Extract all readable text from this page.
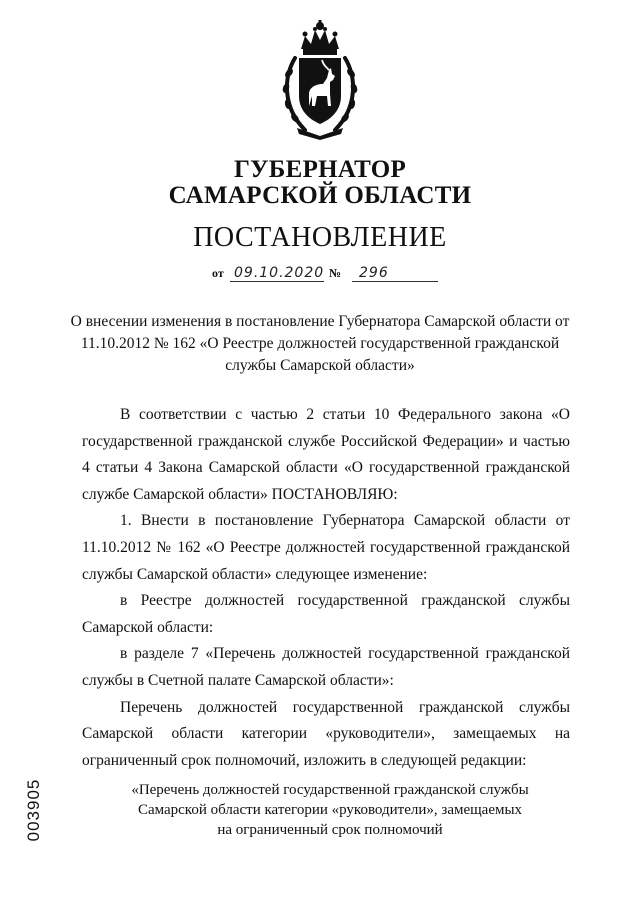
ГУБЕРНАТОР
САМАРСКОЙ ОБЛАСТИ
ПОСТАНОВЛЕНИЕ
от 09.10.2020 № 296
О внесении изменения в постановление Губернатора Самарской области от 11.10.2012 № 162 «О Реестре должностей государственной гражданской службы Самарской области»

В соответствии с частью 2 статьи 10 Федерального закона «О государственной гражданской службе Российской Федерации» и частью 4 статьи 4 Закона Самарской области «О государственной гражданской службе Самарской области» ПОСТАНОВЛЯЮ:

1. Внести в постановление Губернатора Самарской области от 11.10.2012 № 162 «О Реестре должностей государственной гражданской службы Самарской области» следующее изменение:

в Реестре должностей государственной гражданской службы Самарской области:

в разделе 7 «Перечень должностей государственной гражданской службы в Счетной палате Самарской области»:

Перечень должностей государственной гражданской службы Самарской области категории «руководители», замещаемых на ограниченный срок полномочий, изложить в следующей редакции:

«Перечень должностей государственной гражданской службы
Самарской области категории «руководители», замещаемых
на ограниченный срок полномочий
003905
